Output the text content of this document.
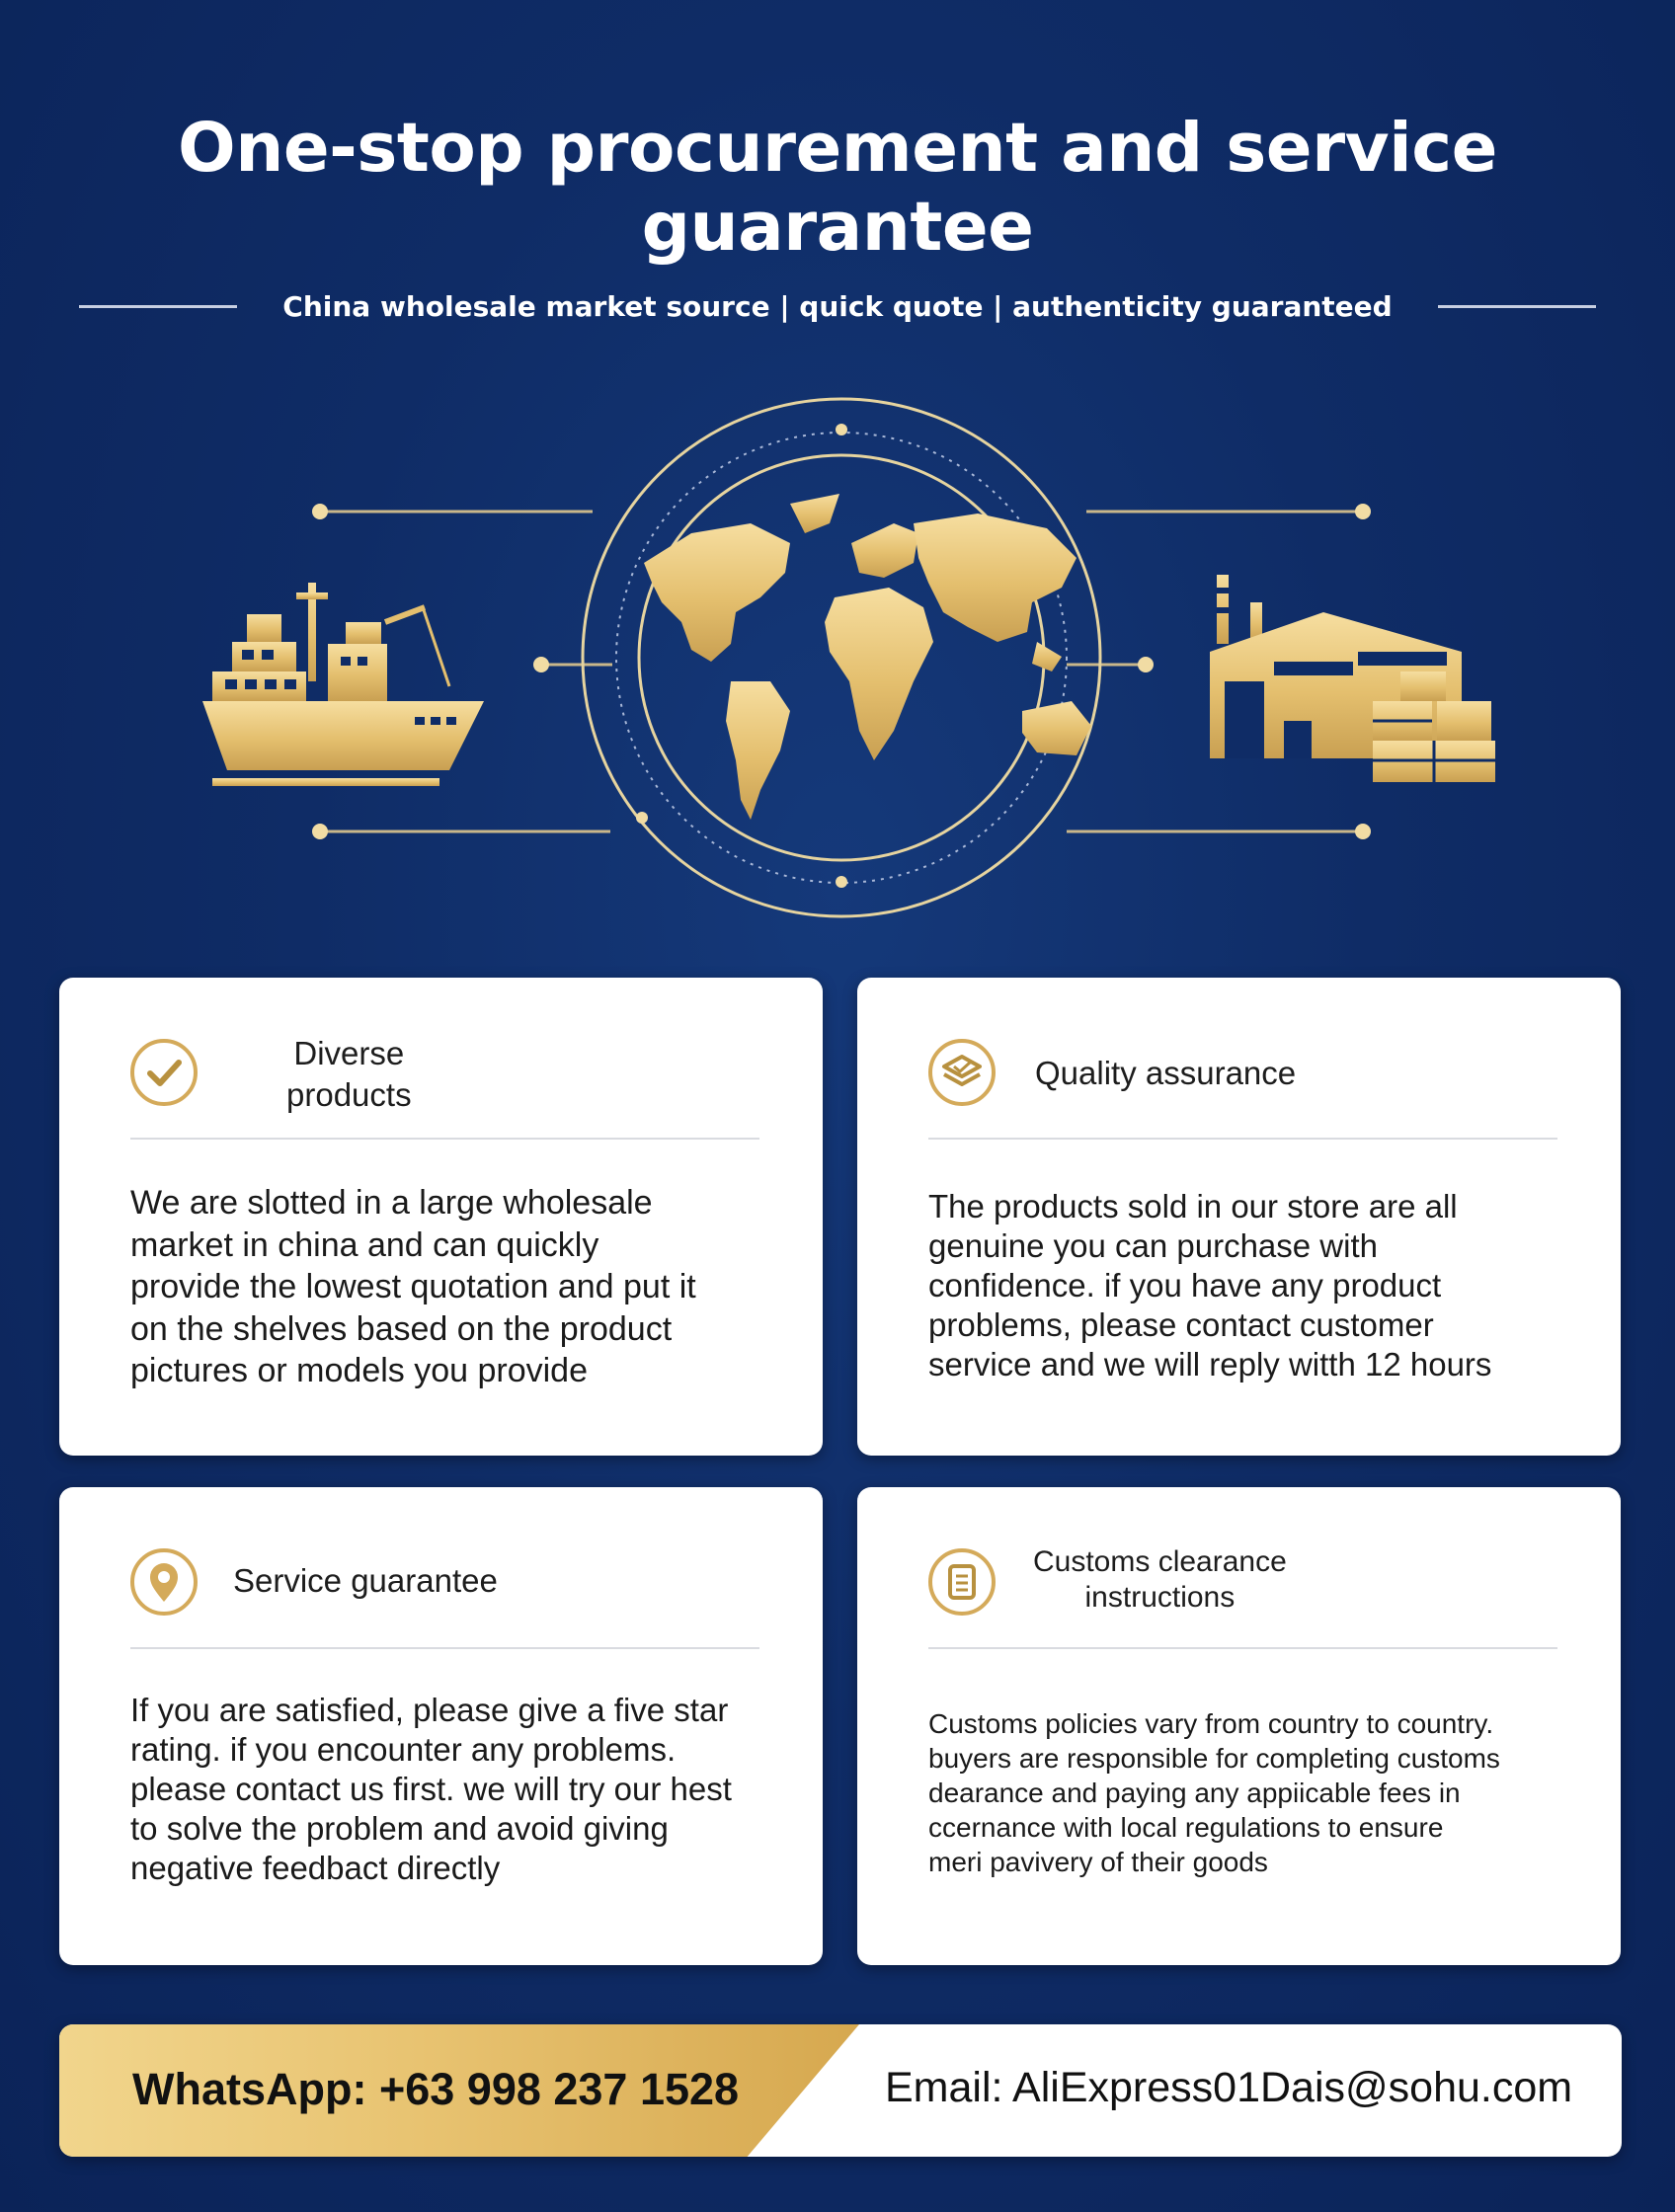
One-stop procurement and service guarantee
China wholesale market source | quick quote | authenticity guaranteed
Diverse
products
We are slotted in a large wholesale
market in china and can quickly
provide the lowest quotation and put it
on the shelves based on the product
pictures or models you provide
Quality assurance
The products sold in our store are all
genuine you can purchase with
confidence. if you have any product
problems, please contact customer
service and we will reply witth 12 hours
Service guarantee
If you are satisfied, please give a five star
rating. if you encounter any problems.
please contact us first. we will try our hest
to solve the problem and avoid giving
negative feedbact directly
Customs clearance
instructions
Customs policies vary from country to country.
buyers are responsible for completing customs
dearance and paying any appiicable fees in
ccernance with local regulations to ensure
meri pavivery of their goods
WhatsApp: +63 998 237 1528	Email: AliExpress01Dais@sohu.com
